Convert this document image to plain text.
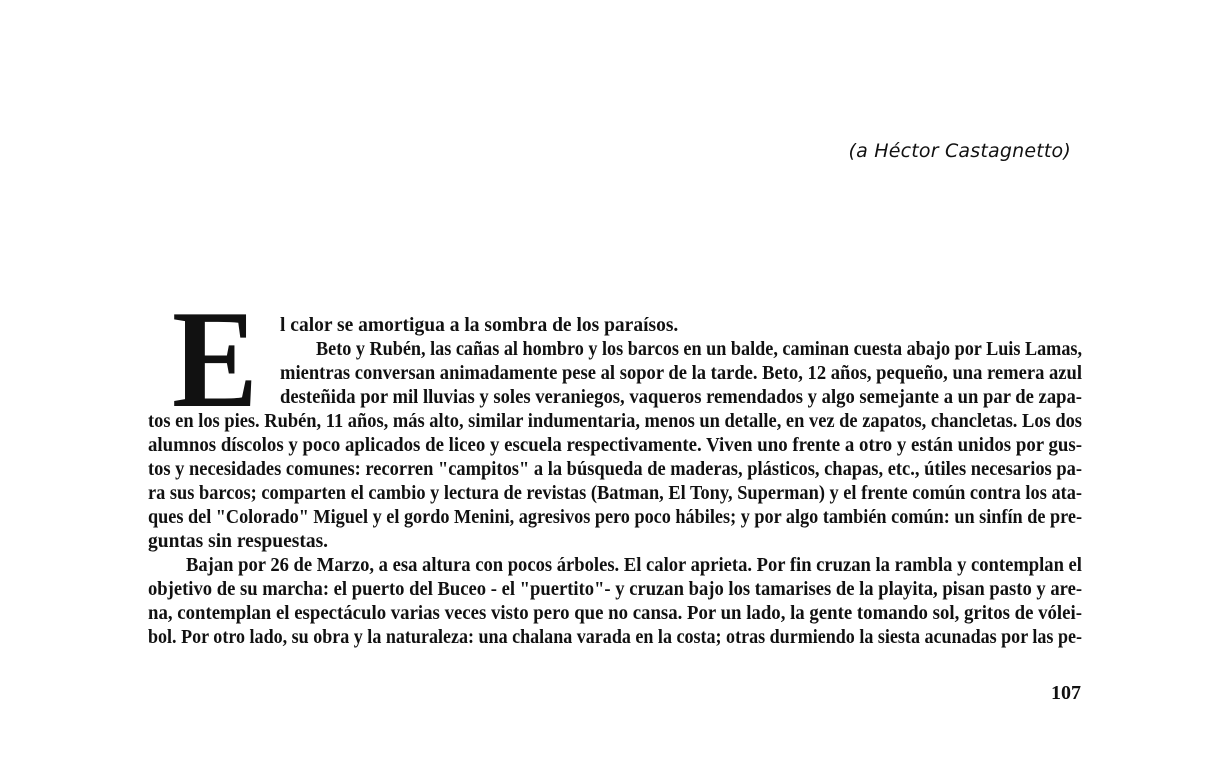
(a Héctor Castagnetto)
E l calor se amortigua a la sombra de los paraísos.
Beto y Rubén, las cañas al hombro y los barcos en un balde, caminan cuesta abajo por Luis Lamas,
mientras conversan animadamente pese al sopor de la tarde. Beto, 12 años, pequeño, una remera azul
desteñida por mil lluvias y soles veraniegos, vaqueros remendados y algo semejante a un par de zapa-
tos en los pies. Rubén, 11 años, más alto, similar indumentaria, menos un detalle, en vez de zapatos, chancletas. Los dos
alumnos díscolos y poco aplicados de liceo y escuela respectivamente. Viven uno frente a otro y están unidos por gus-
tos y necesidades comunes: recorren "campitos" a la búsqueda de maderas, plásticos, chapas, etc., útiles necesarios pa-
ra sus barcos; comparten el cambio y lectura de revistas (Batman, El Tony, Superman) y el frente común contra los ata-
ques del "Colorado" Miguel y el gordo Menini, agresivos pero poco hábiles; y por algo también común: un sinfín de pre-
guntas sin respuestas.
Bajan por 26 de Marzo, a esa altura con pocos árboles. El calor aprieta. Por fin cruzan la rambla y contemplan el
objetivo de su marcha: el puerto del Buceo - el "puertito"- y cruzan bajo los tamarises de la playita, pisan pasto y are-
na, contemplan el espectáculo varias veces visto pero que no cansa. Por un lado, la gente tomando sol, gritos de vólei-
bol. Por otro lado, su obra y la naturaleza: una chalana varada en la costa; otras durmiendo la siesta acunadas por las pe-
107
